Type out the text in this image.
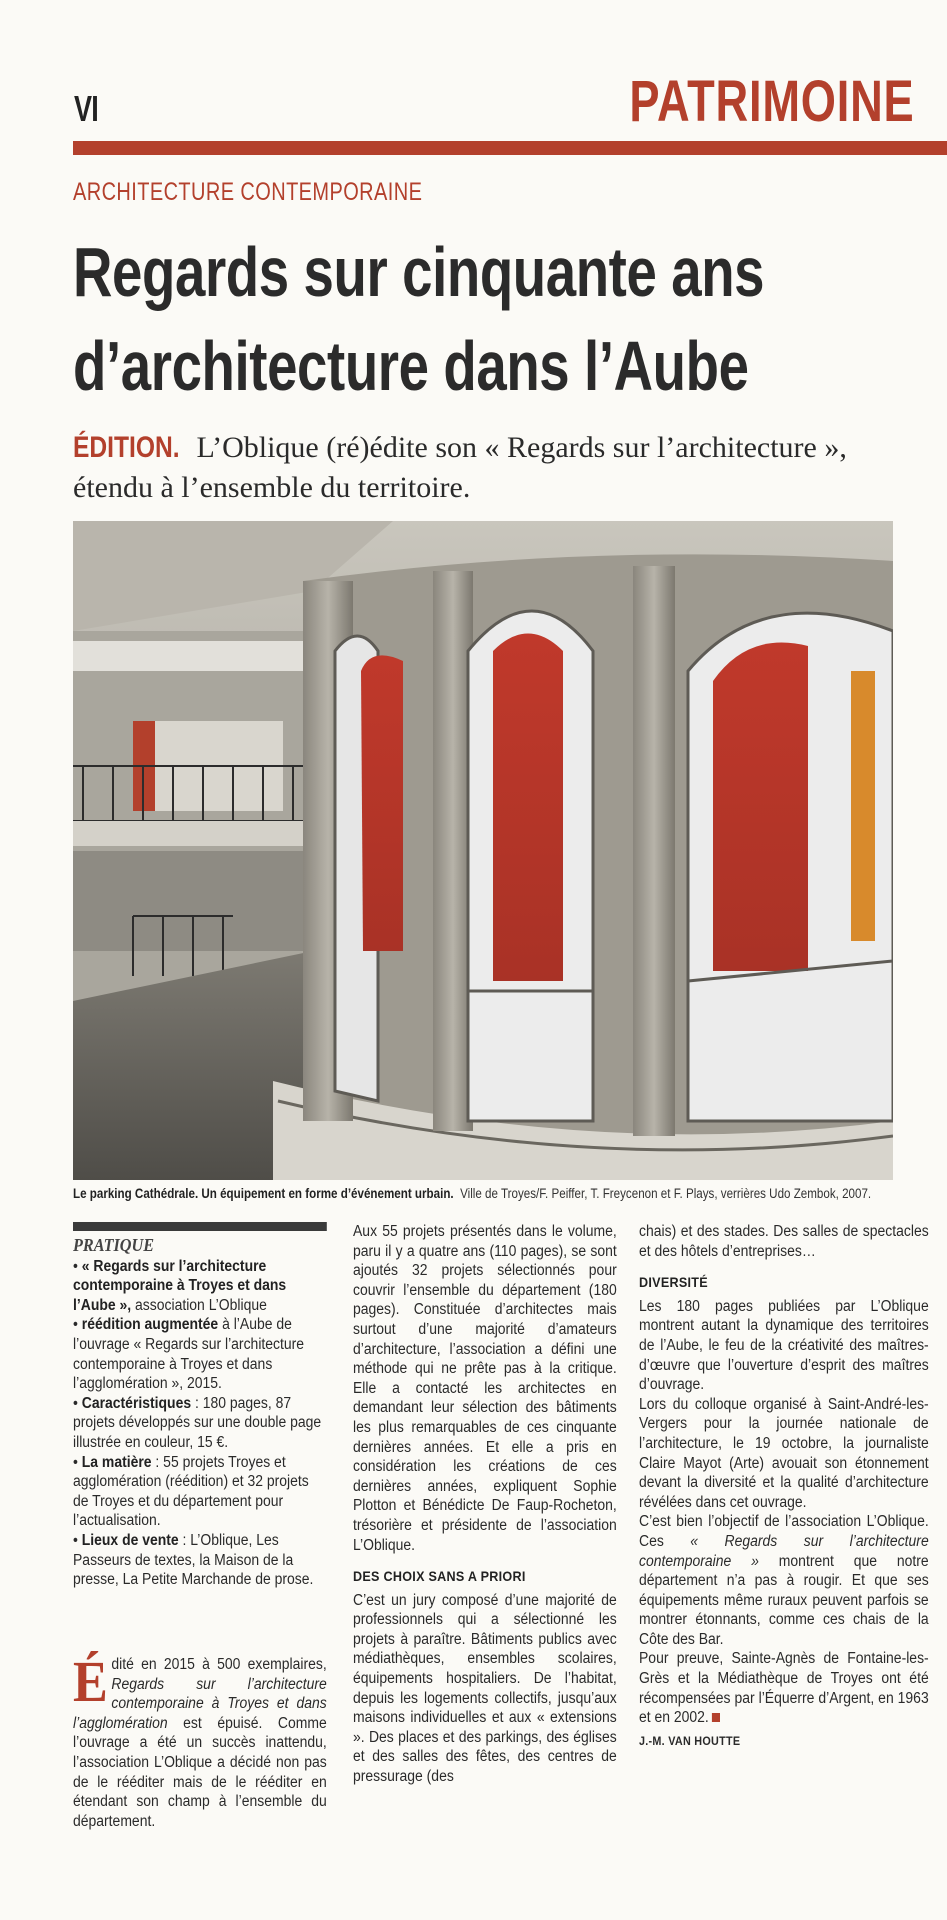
VI	PATRIMOINE
ARCHITECTURE CONTEMPORAINE
Regards sur cinquante ans
d’architecture dans l’Aube
ÉDITION. L’Oblique (ré)édite son « Regards sur l’architecture », étendu à l’ensemble du territoire.
Le parking Cathédrale. Un équipement en forme d’événement urbain. Ville de Troyes/F. Peiffer, T. Freycenon et F. Plays, verrières Udo Zembok, 2007.
PRATIQUE
• « Regards sur l’architecture contemporaine à Troyes et dans l’Aube », association L’Oblique
• réédition augmentée à l’Aube de l’ouvrage « Regards sur l’architecture contemporaine à Troyes et dans l’agglomération », 2015.
• Caractéristiques : 180 pages, 87 projets développés sur une double page illustrée en couleur, 15 €.
• La matière : 55 projets Troyes et agglomération (réédition) et 32 projets de Troyes et du département pour l’actualisation.
• Lieux de vente : L’Oblique, Les Passeurs de textes, la Maison de la presse, La Petite Marchande de prose.

Édité en 2015 à 500 exemplaires, Regards sur l’architecture contemporaine à Troyes et dans l’agglomération est épuisé. Comme l’ouvrage a été un succès inattendu, l’association L’Oblique a décidé non pas de le rééditer mais de le rééditer en étendant son champ à l’ensemble du département.

Aux 55 projets présentés dans le volume, paru il y a quatre ans (110 pages), se sont ajoutés 32 projets sélectionnés pour couvrir l’ensemble du département (180 pages). Constituée d’architectes mais surtout d’une majorité d’amateurs d’architecture, l’association a défini une méthode qui ne prête pas à la critique. Elle a contacté les architectes en demandant leur sélection des bâtiments les plus remarquables de ces cinquante dernières années. Et elle a pris en considération les créations de ces dernières années, expliquent Sophie Plotton et Bénédicte De Faup-Rocheton, trésorière et présidente de l’association L’Oblique.

DES CHOIX SANS A PRIORI

C’est un jury composé d’une majorité de professionnels qui a sélectionné les projets à paraître. Bâtiments publics avec médiathèques, ensembles scolaires, équipements hospitaliers. De l’habitat, depuis les logements collectifs, jusqu’aux maisons individuelles et aux « extensions ». Des places et des parkings, des églises et des salles des fêtes, des centres de pressurage (des

chais) et des stades. Des salles de spectacles et des hôtels d’entreprises…

DIVERSITÉ

Les 180 pages publiées par L’Oblique montrent autant la dynamique des territoires de l’Aube, le feu de la créativité des maîtres-d’œuvre que l’ouverture d’esprit des maîtres d’ouvrage.

Lors du colloque organisé à Saint-André-les-Vergers pour la journée nationale de l’architecture, le 19 octobre, la journaliste Claire Mayot (Arte) avouait son étonnement devant la diversité et la qualité d’architecture révélées dans cet ouvrage.

C’est bien l’objectif de l’association L’Oblique. Ces « Regards sur l’architecture contemporaine » montrent que notre département n’a pas à rougir. Et que ses équipements même ruraux peuvent parfois se montrer étonnants, comme ces chais de la Côte des Bar.

Pour preuve, Sainte-Agnès de Fontaine-les-Grès et la Médiathèque de Troyes ont été récompensées par l’Équerre d’Argent, en 1963 et en 2002.

J.-M. VAN HOUTTE
